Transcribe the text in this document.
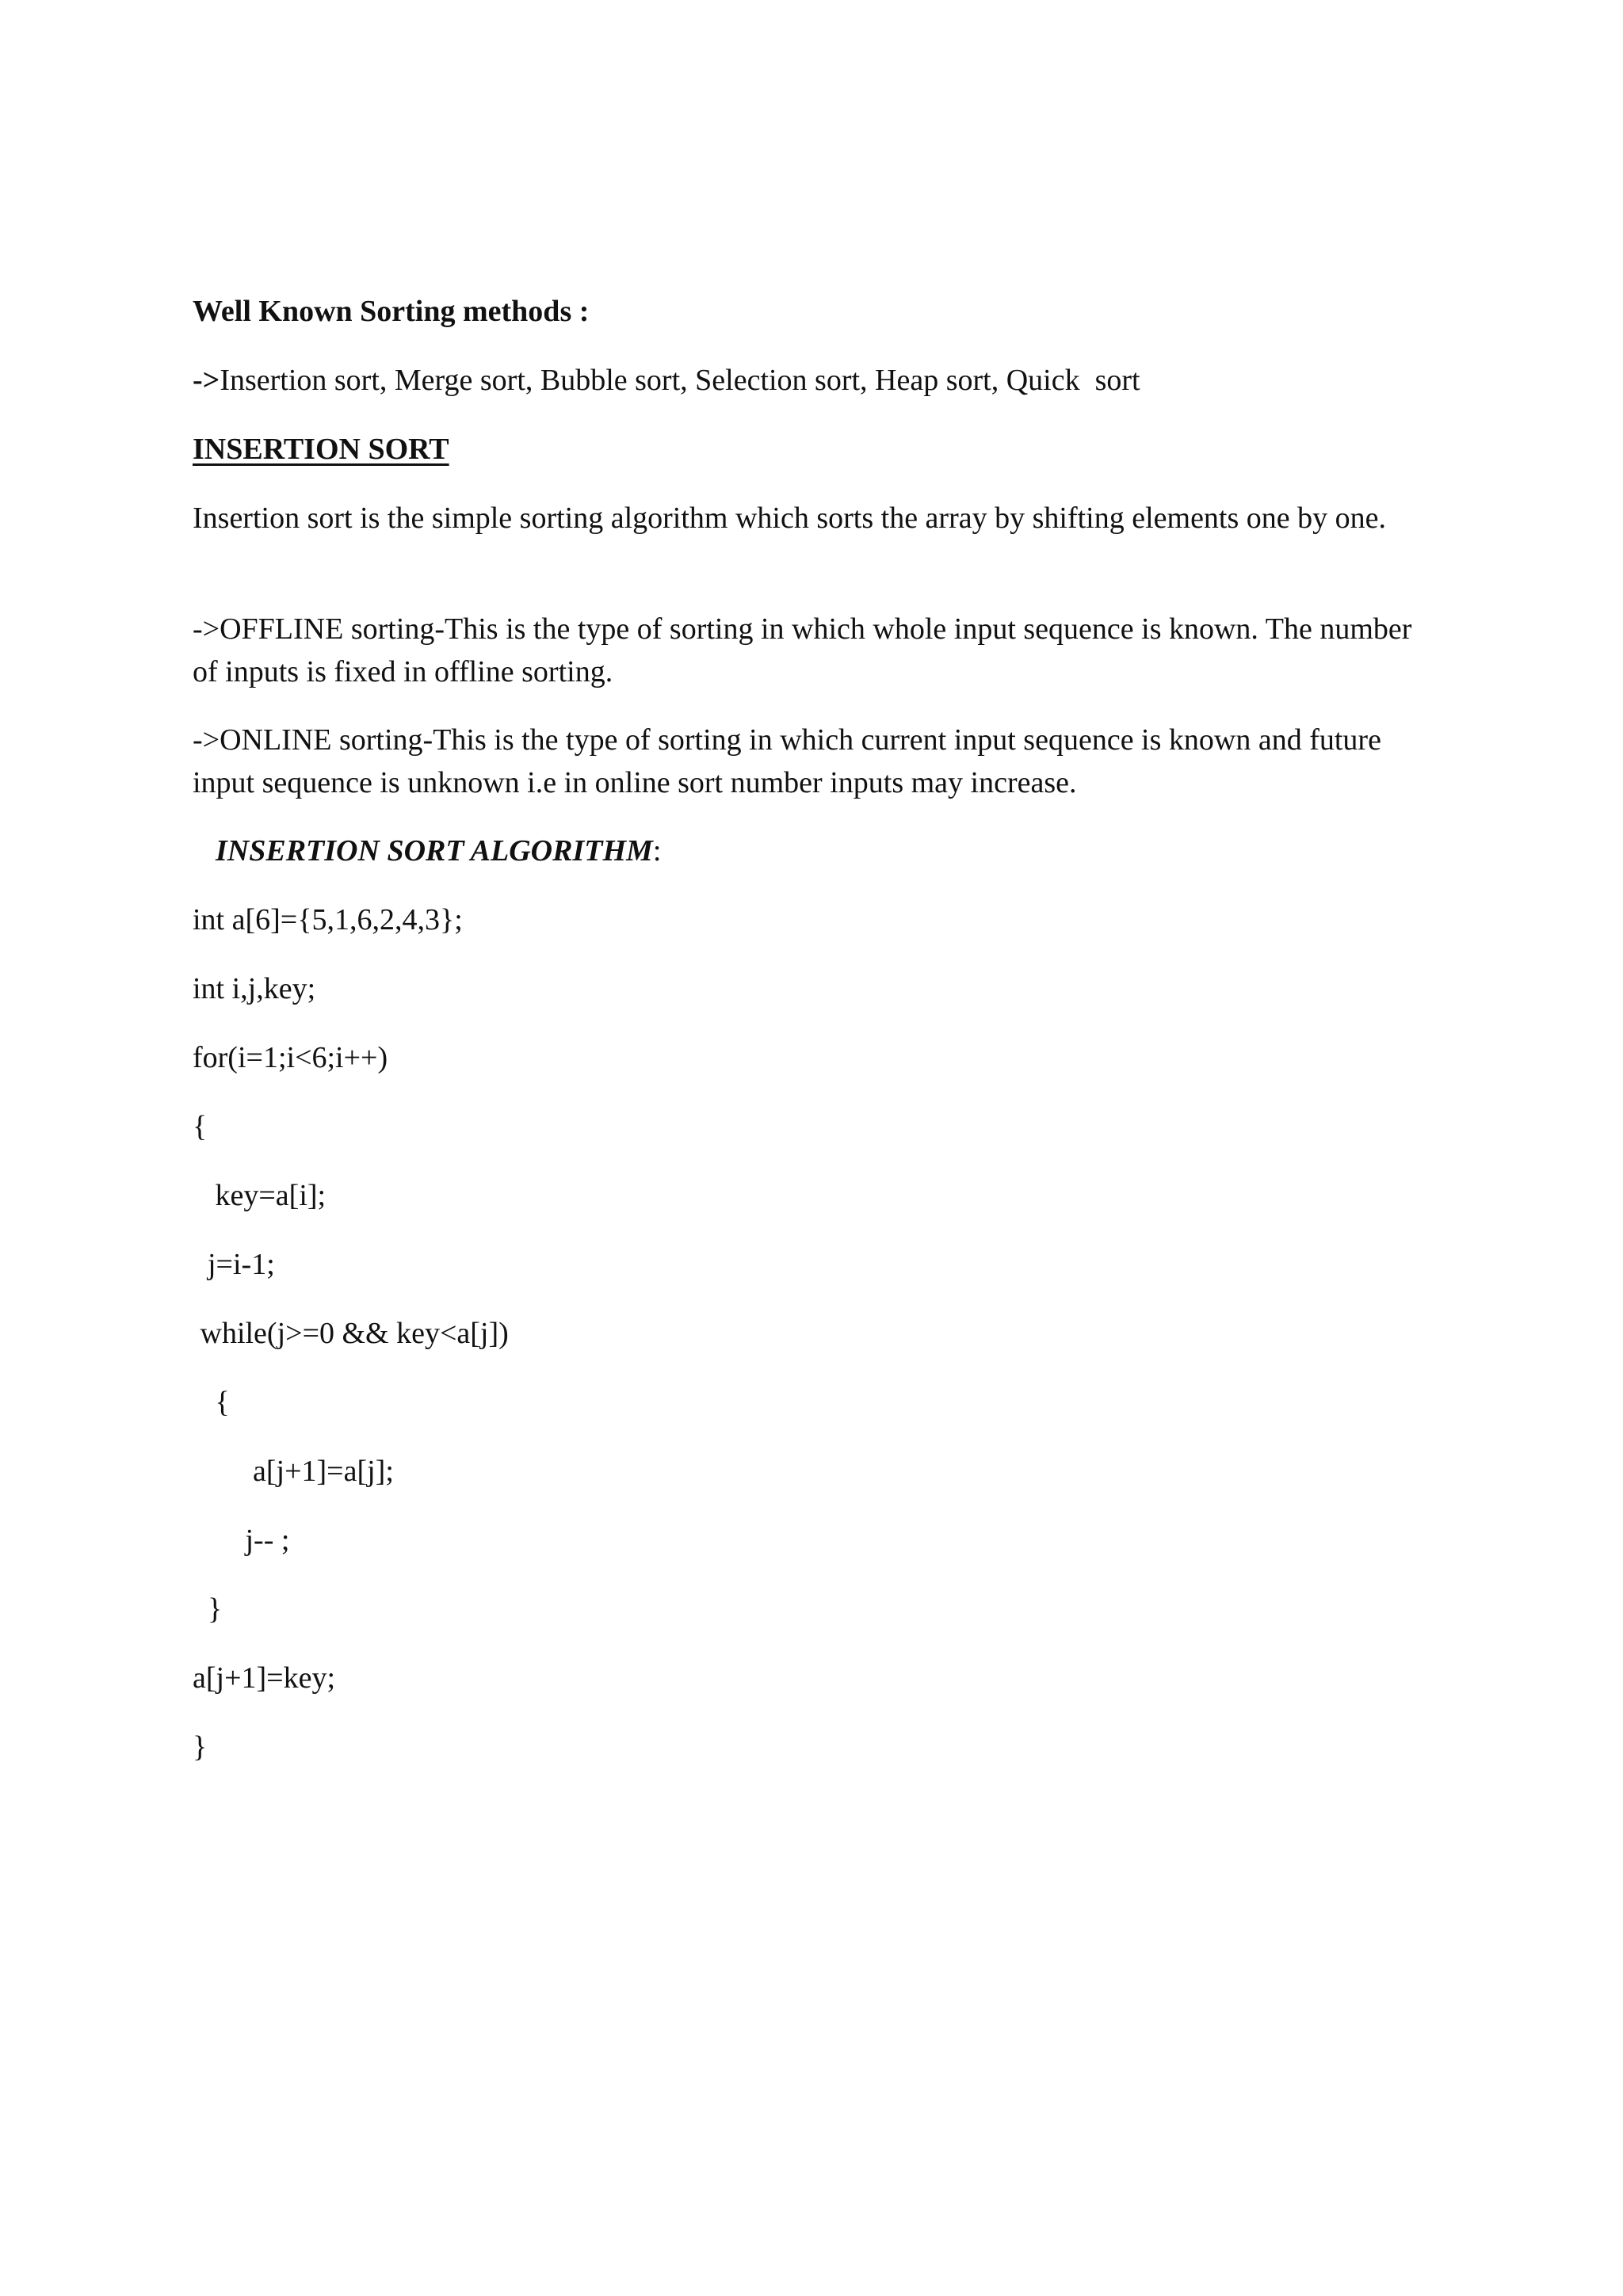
Well Known Sorting methods :

->Insertion sort, Merge sort, Bubble sort, Selection sort, Heap sort, Quick  sort

INSERTION SORT

Insertion sort is the simple sorting algorithm which sorts the array by shifting elements one by one.

->OFFLINE sorting-This is the type of sorting in which whole input sequence is known. The number of inputs is fixed in offline sorting.

->ONLINE sorting-This is the type of sorting in which current input sequence is known and future input sequence is unknown i.e in online sort number inputs may increase.

INSERTION SORT ALGORITHM:

int a[6]={5,1,6,2,4,3};

int i,j,key;

for(i=1;i<6;i++)

{

key=a[i];

j=i-1;

while(j>=0 && key<a[j])

{

a[j+1]=a[j];

j-- ;

}

a[j+1]=key;

}
